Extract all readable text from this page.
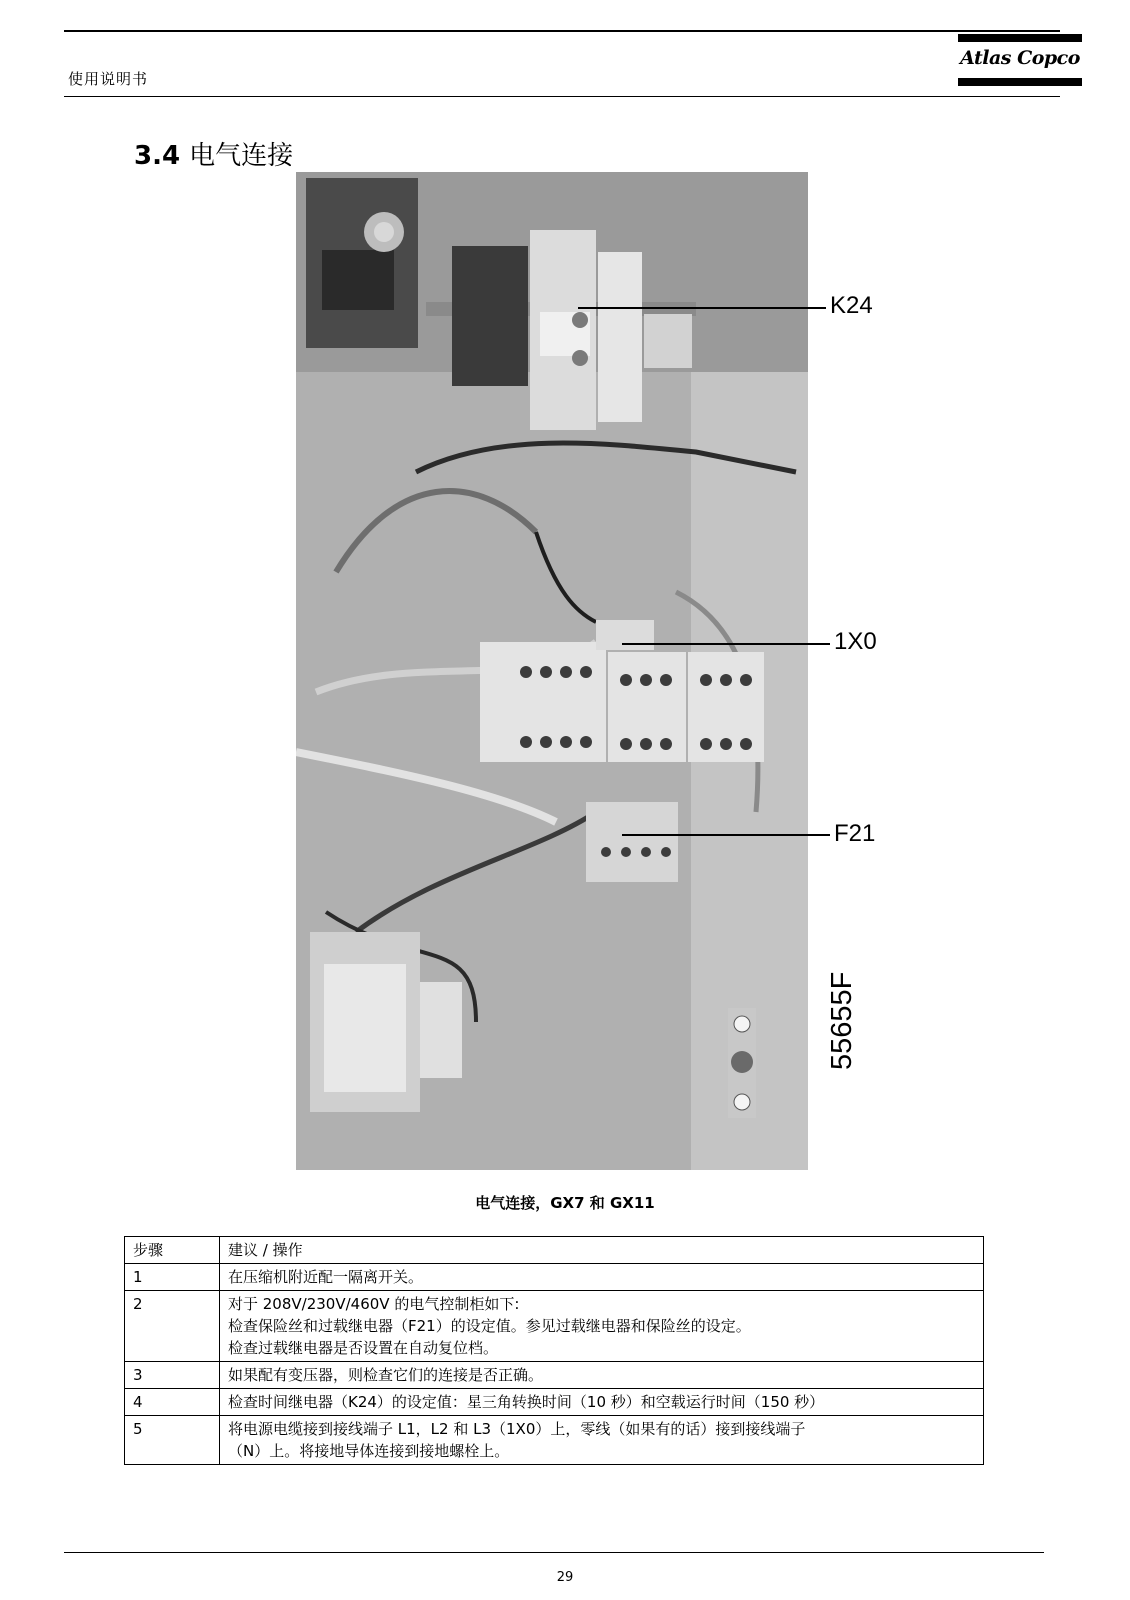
使用说明书
Atlas Copco
3.4 电气连接
K24
1X0
F21
55655F
电气连接，GX7 和 GX11
步骤	建议 / 操作
1	在压缩机附近配一隔离开关。

2	对于 208V/230V/460V 的电气控制柜如下:
检查保险丝和过载继电器（F21）的设定值。参见过载继电器和保险丝的设定。
检查过载继电器是否设置在自动复位档。

3	如果配有变压器，则检查它们的连接是否正确。

4	检查时间继电器（K24）的设定值：星三角转换时间（10 秒）和空载运行时间（150 秒）

5	将电源电缆接到接线端子 L1，L2 和 L3（1X0）上，零线（如果有的话）接到接线端子
（N）上。将接地导体连接到接地螺栓上。
29
